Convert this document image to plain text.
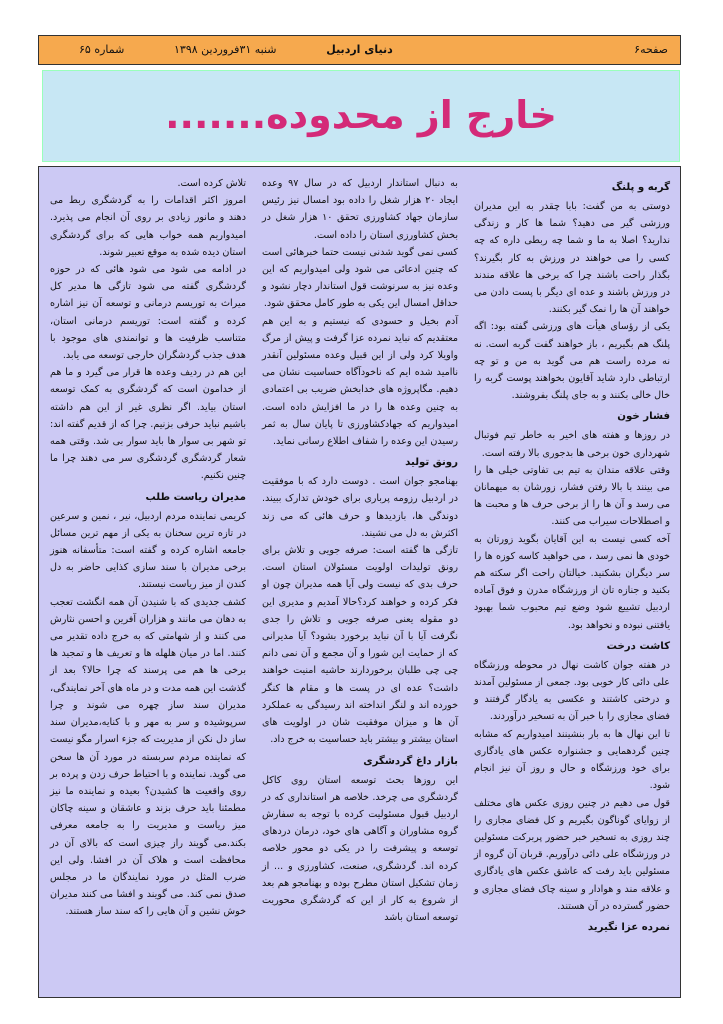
صفحه۶
دنیای اردبیل
شنبه ۳۱فروردین ۱۳۹۸
شماره ۶۵
خارج از محدوده.......
گربه و پلنگ

دوستی به من گفت: بابا چقدر به این مدیران ورزشی گیر می دهید؟ شما ها کار و زندگی ندارید؟ اصلا به ما و شما چه ربطی داره که چه کسی را می خواهند در ورزش به کار بگیرند؟ بگذار راحت باشند چرا که برخی ها علاقه مندند در ورزش باشند و عده ای دیگر با پست دادن می خواهند آن ها را نمک گیر بکنند.

یکی از رؤسای هیأت های ورزشی گفته بود: اگه پلنگ هم بگیریم ، باز خواهند گفت گربه است. نه نه مرده راست هم می گوید به من و تو چه ارتباطی دارد شاید آقایون بخواهند پوست گربه را خال خالی بکنند و به جای پلنگ بفروشند.

فشار خون

در روزها و هفته های اخیر به خاطر تیم فوتبال شهرداری خون برخی ها بدجوری بالا رفته است.

وقتی علاقه مندان به تیم بی تفاوتی خیلی ها را می بینند با بالا رفتن فشار، زورشان به میهمانان می رسد و آن ها را از برخی حرف ها و محبت ها و اصطلاحات سیراب می کنند.

آخه کسی نیست به این آقایان بگوید زورتان به خودی ها نمی رسد ، می خواهید کاسه کوزه ها را سر دیگران بشکنید. خیالتان راحت اگر سکته هم بکنید و جنازه تان از ورزشگاه مدرن و فوق آماده اردبیل تشییع شود وضع تیم محبوب شما بهبود یافتنی نبوده و نخواهد بود.

کاشت درخت

در هفته جوان کاشت نهال در محوطه ورزشگاه علی دائی کار خوبی بود. جمعی از مسئولین آمدند و درختی کاشتند و عکسی به یادگار گرفتند و فضای مجازی را با خبر آن به تسخیر درآوردند.

تا این نهال ها به بار بنشینند امیدواریم که مشابه چنین گردهمایی و جشنواره عکس های یادگاری برای خود ورزشگاه و حال و روز آن نیز انجام شود.

قول می دهیم در چنین روزی عکس های مختلف از زوایای گوناگون بگیریم و کل فضای مجازی را چند روزی به تسخیر خبر حضور پربرکت مسئولین در ورزشگاه علی دائی درآوریم. قربان آن گروه از مسئولین باید رفت که عاشق عکس های یادگاری و علاقه مند و هوادار و سینه چاک فضای مجازی و حضور گسترده در آن هستند.

نمرده عزا نگیرید

به دنبال استاندار اردبیل که در سال ۹۷ وعده ایجاد ۲۰ هزار شغل را داده بود امسال نیز رئیس سازمان جهاد کشاورزی تحقق ۱۰ هزار شغل در بخش کشاورزی استان را داده است.

کسی نمی گوید شدنی نیست حتما خبرهائی است که چنین ادعائی می شود ولی امیدواریم که این وعده نیز به سرنوشت قول استاندار دچار نشود و حداقل امسال این یکی به طور کامل محقق شود.

آدم بخیل و حسودی که نیستیم و به این هم معتقدیم که نباید نمرده عزا گرفت و پیش از مرگ واویلا کرد ولی از این قبیل وعده مسئولین آنقدر ناامید شده ایم که ناخودآگاه حساسیت نشان می دهیم. مگاپروژه های خدابخش ضریب بی اعتمادی به چنین وعده ها را در ما افزایش داده است. امیدواریم که جهادکشاورزی تا پایان سال به ثمر رسیدن این وعده را شفاف اطلاع رسانی نماید.

رونق تولید

بهنامجو جوان است . دوست دارد که با موفقیت در اردبیل رزومه پرباری برای خودش تدارک ببیند. دوندگی ها، بازدیدها و حرف هائی که می زند اکثرش به دل می نشیند.

تازگی ها گفته است: صرفه جویی و تلاش برای رونق تولیدات اولویت مسئولان استان است. حرف بدی که نیست ولی آیا همه مدیران چون او فکر کرده و خواهند کرد؟حالا آمدیم و مدیری این دو مقوله یعنی صرفه جویی و تلاش را جدی نگرفت آیا با آن نباید برخورد بشود؟ آیا مدیرانی که از حمایت این شورا و آن مجمع و آن نمی دانم چی چی طلبان برخوردارند حاشیه امنیت خواهند داشت؟ عده ای در پست ها و مقام ها کنگر خورده اند و لنگر انداخته اند رسیدگی به عملکرد آن ها و میزان موفقیت شان در اولویت های استان بیشتر و بیشتر باید حساسیت به خرج داد.

بازار داغ گردشگری

این روزها بحث توسعه استان روی کاکل گردشگری می چرخد. خلاصه هر استانداری که در اردبیل قبول مسئولیت کرده با توجه به سفارش گروه مشاوران و آگاهی های خود، درمان دردهای توسعه و پیشرفت را در یکی دو محور خلاصه کرده اند. گردشگری، صنعت، کشاورزی و ... از زمان تشکیل استان مطرح بوده و بهنامجو هم بعد از شروع به کار از این که گردشگری محوریت توسعه استان باشد

تلاش کرده است.

امروز اکثر اقدامات را به گردشگری ربط می دهند و مانور زیادی بر روی آن انجام می پذیرد. امیدواریم همه خواب هایی که برای گردشگری استان دیده شده به موقع تعبیر شوند.

در ادامه می شود می شود هائی که در حوزه گردشگری گفته می شود تازگی ها مدیر کل میراث به توریسم درمانی و توسعه آن نیز اشاره کرده و گفته است: توریسم درمانی استان، متناسب ظرفیت ها و توانمندی های موجود با هدف جذب گردشگران خارجی توسعه می یابد.

این هم در ردیف وعده ها قرار می گیرد و ما هم از خدامون است که گردشگری به کمک توسعه استان بیاید. اگر نظری غیر از این هم داشته باشیم نباید حرفی بزنیم. چرا که از قدیم گفته اند: تو شهر بی سوار ها باید سوار بی شد. وقتی همه شعار گردشگری گردشگری سر می دهند چرا ما چنین نکنیم.

مدیران ریاست طلب

کریمی نماینده مردم اردبیل، نیر ، نمین و سرعین در تازه ترین سخنان به یکی از مهم ترین مسائل جامعه اشاره کرده و گفته است: متأسفانه هنوز برخی مدیران با سند سازی کذایی حاضر به دل کندن از میز ریاست نیستند.

کشف جدیدی که با شنیدن آن همه انگشت تعجب به دهان می مانند و هزاران آفرین و احسن نثارش می کنند و از شهامتی که به خرج داده تقدیر می کنند. اما در میان هلهله ها و تعریف ها و تمجید ها برخی ها هم می پرسند که چرا حالا؟ بعد از گذشت این همه مدت و در ماه های آخر نمایندگی، مدیران سند ساز چهره می شوند و چرا سرپوشیده و سر به مهر و با کنایه،مدیران سند ساز دل نکن از مدیریت که جزء اسرار مگو نیست که نماینده مردم سربسته در مورد آن ها سخن می گوید. نماینده و با احتیاط حرف زدن و پرده بر روی واقعیت ها کشیدن؟ بعیده و نماینده ما نیز مطمئنا باید حرف بزند و عاشقان و سینه چاکان میز ریاست و مدیریت را به جامعه معرفی بکند.می گویند راز چیزی است که بالای آن در محافظت است و هلاک آن در افشا. ولی این ضرب المثل در مورد نمایندگان ما در مجلس صدق نمی کند. می گویند و افشا می کنند مدیران خوش نشین و آن هایی را که سند ساز هستند.
